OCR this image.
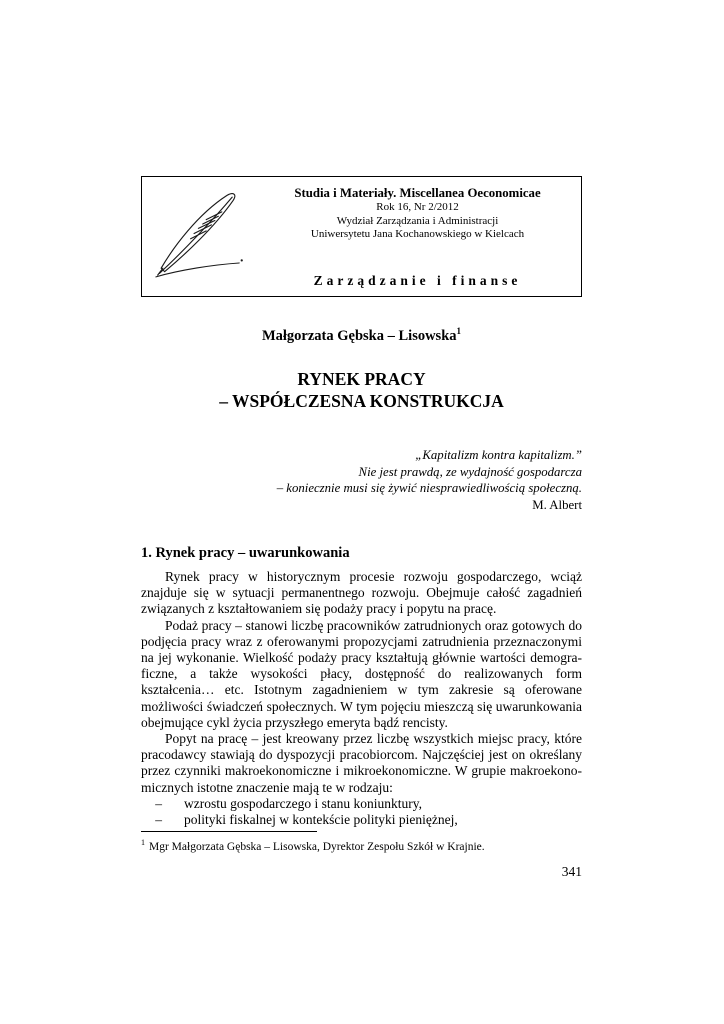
Studia i Materiały. Miscellanea Oeconomicae
Rok 16, Nr 2/2012
Wydział Zarządzania i Administracji
Uniwersytetu Jana Kochanowskiego w Kielcach
Zarządzanie i finanse
Małgorzata Gębska – Lisowska$^1$
RYNEK PRACY
– WSPÓŁCZESNA KONSTRUKCJA
„Kapitalizm kontra kapitalizm.”
Nie jest prawdą, ze wydajność gospodarcza
– koniecznie musi się żywić niesprawiedliwością społeczną.
M. Albert
1. Rynek pracy – uwarunkowania

Rynek pracy w historycznym procesie rozwoju gospodarczego, wciąż znajduje się w sytuacji permanentnego rozwoju. Obejmuje całość zagadnień związanych z kształtowaniem się podaży pracy i popytu na pracę.

Podaż pracy – stanowi liczbę pracowników zatrudnionych oraz gotowych do podjęcia pracy wraz z oferowanymi propozycjami zatrudnienia przeznaczonymi na jej wykonanie. Wielkość podaży pracy kształtują głównie wartości demograficzne, a także wysokości płacy, dostępność do realizowanych form kształcenia… etc. Istotnym zagadnieniem w tym zakresie są oferowane możliwości świadczeń społecznych. W tym pojęciu mieszczą się uwarunkowania obejmujące cykl życia przyszłego emeryta bądź rencisty.

Popyt na pracę – jest kreowany przez liczbę wszystkich miejsc pracy, które pracodawcy stawiają do dyspozycji pracobiorcom. Najczęściej jest on określany przez czynniki makroekonomiczne i mikroekonomiczne. W grupie makroekonomicznych istotne znaczenie mają te w rodzaju:

–	wzrostu gospodarczego i stanu koniunktury,
–	polityki fiskalnej w kontekście polityki pieniężnej,
$^1$ Mgr Małgorzata Gębska – Lisowska, Dyrektor Zespołu Szkół w Krajnie.
341
